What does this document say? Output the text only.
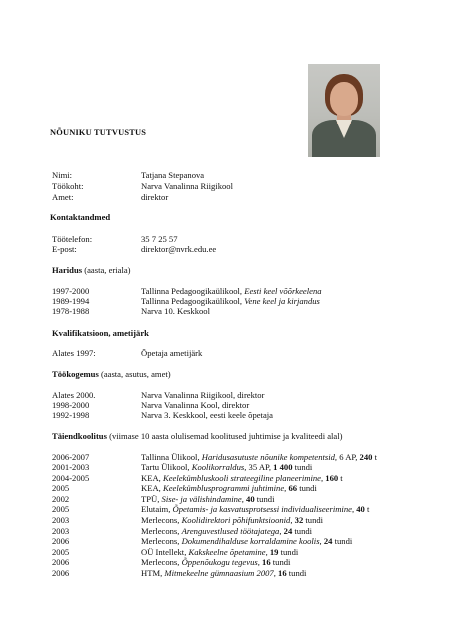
NÕUNIKU TUTVUSTUS
Nimi:	Tatjana Stepanova
Töökoht:	Narva Vanalinna Riigikool
Amet:	direktor
Kontaktandmed
Töötelefon:	35 7 25 57
E-post:	direktor@nvrk.edu.ee
Haridus (aasta, eriala)
1997-2000	Tallinna Pedagoogikaülikool, Eesti keel võõrkeelena
1989-1994	Tallinna Pedagoogikaülikool, Vene keel ja kirjandus
1978-1988	Narva 10. Keskkool
Kvalifikatsioon, ametijärk
Alates 1997:	Õpetaja ametijärk
Töökogemus (aasta, asutus, amet)
Alates 2000.	Narva Vanalinna Riigikool, direktor
1998-2000	Narva Vanalinna Kool, direktor
1992-1998	Narva 3. Keskkool, eesti keele õpetaja
Täiendkoolitus (viimase 10 aasta olulisemad koolitused juhtimise ja kvaliteedi alal)
2006-2007	Tallinna Ülikool, Haridusasutuste nõunike kompetentsid, 6 AP, 240 t
2001-2003	Tartu Ülikool, Koolikorraldus, 35 AP, 1 400 tundi
2004-2005	KEA, Keelekümbluskooli strateegiline planeerimine, 160 t
2005	KEA, Keelekümblusprogrammi juhtimine, 66 tundi
2002	TPÜ, Sise- ja välishindamine, 40 tundi
2005	Elutaim, Õpetamis- ja kasvatusprotsessi individualiseerimine, 40 t
2003	Merlecons, Koolidirektori põhifunktsioonid, 32 tundi
2003	Merlecons, Arenguvestlused töötajatega, 24 tundi
2006	Merlecons, Dokumendihalduse korraldamine koolis, 24 tundi
2005	OÜ Intellekt, Kakskeelne õpetamine, 19 tundi
2006	Merlecons, Õppenõukogu tegevus, 16 tundi
2006	HTM, Mitmekeelne gümnaasium 2007, 16 tundi
